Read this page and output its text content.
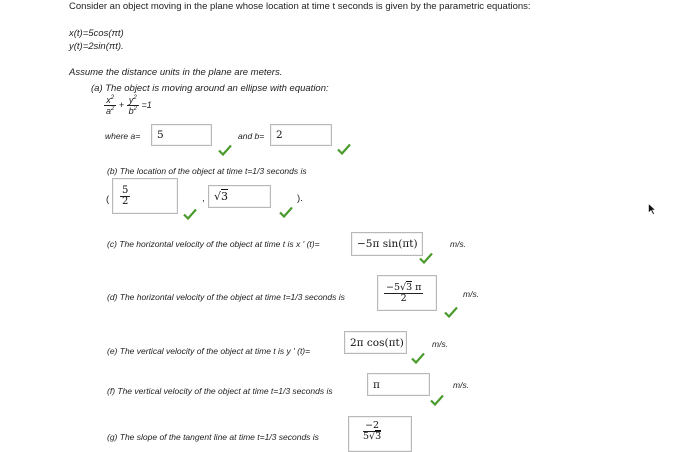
Consider an object moving in the plane whose location at time t seconds is given by the parametric equations:
x(t)=5cos(πt)
y(t)=2sin(πt).
Assume the distance units in the plane are meters.
(a) The object is moving around an ellipse with equation:
$\frac{x^2}{a^2} + \frac{y^2}{b^2} =1$
where a= 5	and b= 2
(b) The location of the object at time t=1/3 seconds is
( $\frac{5}{2}$	, √3	).
(c) The horizontal velocity of the object at time t is x ' (t)=	−5π sin(πt)	m/s.
(d) The horizontal velocity of the object at time t=1/3 seconds is	$\frac{-5√3 \pi}{2}$	m/s.
(e) The vertical velocity of the object at time t is y ' (t)=
2π cos(πt)	m/s.
(f) The vertical velocity of the object at time t=1/3 seconds is
π	m/s.
(g) The slope of the tangent line at time t=1/3 seconds is	$\frac{-2}{5√3}$
